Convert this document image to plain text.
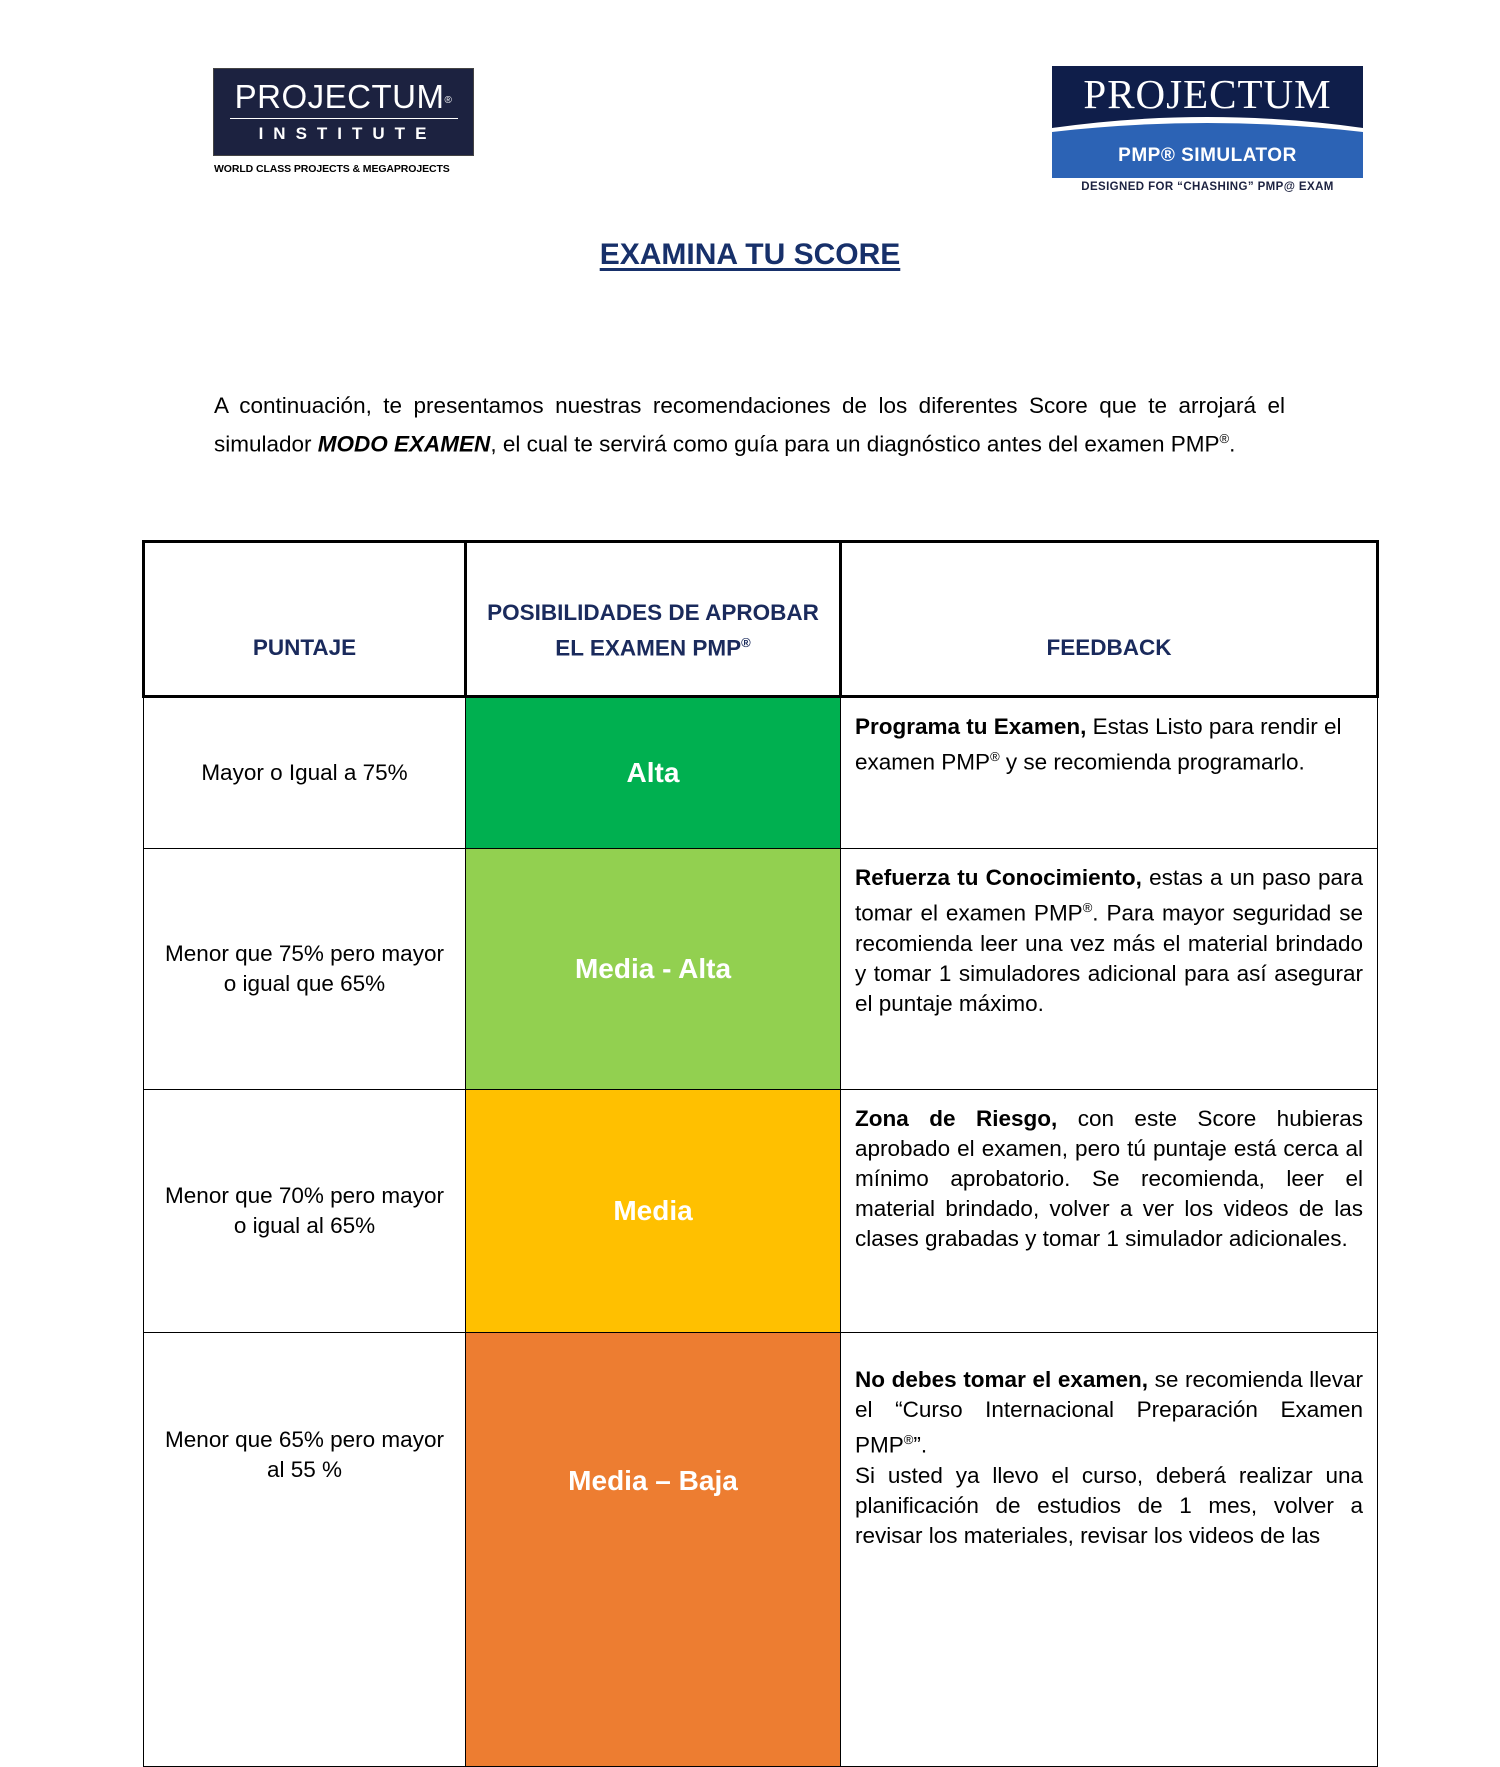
PROJECTUM®
INSTITUTE
WORLD CLASS PROJECTS & MEGAPROJECTS
PROJECTUM
PMP® SIMULATOR
DESIGNED FOR “CHASHING” PMP@ EXAM
EXAMINA TU SCORE

A continuación, te presentamos nuestras recomendaciones de los diferentes Score que te arrojará el simulador MODO EXAMEN, el cual te servirá como guía para un diagnóstico antes del examen PMP®.

PUNTAJE	POSIBILIDADES DE APROBAR EL EXAMEN PMP®	FEEDBACK
Mayor o Igual a 75%	Alta	Programa tu Examen, Estas Listo para rendir el examen PMP® y se recomienda programarlo.
Menor que 75% pero mayor o igual que 65%	Media - Alta	Refuerza tu Conocimiento, estas a un paso para tomar el examen PMP®. Para mayor seguridad se recomienda leer una vez más el material brindado y tomar 1 simuladores adicional para así asegurar el puntaje máximo.
Menor que 70% pero mayor o igual al 65%	Media	Zona de Riesgo, con este Score hubieras aprobado el examen, pero tú puntaje está cerca al mínimo aprobatorio. Se recomienda, leer el material brindado, volver a ver los videos de las clases grabadas y tomar 1 simulador adicionales.
Menor que 65% pero mayor al 55 %	Media – Baja	No debes tomar el examen, se recomienda llevar el “Curso Internacional Preparación Examen PMP®”.
Si usted ya llevo el curso, deberá realizar una planificación de estudios de 1 mes, volver a revisar los materiales, revisar los videos de las
